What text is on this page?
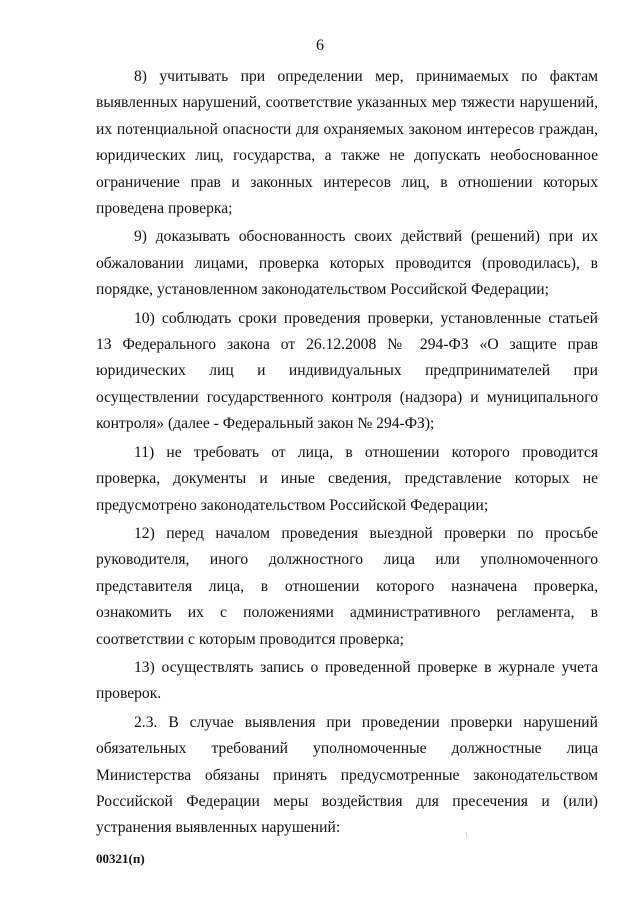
6

8) учитывать при определении мер, принимаемых по фактам выявленных нарушений, соответствие указанных мер тяжести нарушений, их потенциальной опасности для охраняемых законом интересов граждан, юридических лиц, государства, а также не допускать необоснованное ограничение прав и законных интересов лиц, в отношении которых проведена проверка;

9) доказывать обоснованность своих действий (решений) при их обжаловании лицами, проверка которых проводится (проводилась), в порядке, установленном законодательством Российской Федерации;

10) соблюдать сроки проведения проверки, установленные статьей 13 Федерального закона от 26.12.2008 № 294-ФЗ «О защите прав юридических лиц и индивидуальных предпринимателей при осуществлении государственного контроля (надзора) и муниципального контроля» (далее - Федеральный закон № 294-ФЗ);

11) не требовать от лица, в отношении которого проводится проверка, документы и иные сведения, представление которых не предусмотрено законодательством Российской Федерации;

12) перед началом проведения выездной проверки по просьбе руководителя, иного должностного лица или уполномоченного представителя лица, в отношении которого назначена проверка, ознакомить их с положениями административного регламента, в соответствии с которым проводится проверка;

13) осуществлять запись о проведенной проверке в журнале учета проверок.

2.3. В случае выявления при проведении проверки нарушений обязательных требований уполномоченные должностные лица Министерства обязаны принять предусмотренные законодательством Российской Федерации меры воздействия для пресечения и (или) устранения выявленных нарушений:

00321(п)
